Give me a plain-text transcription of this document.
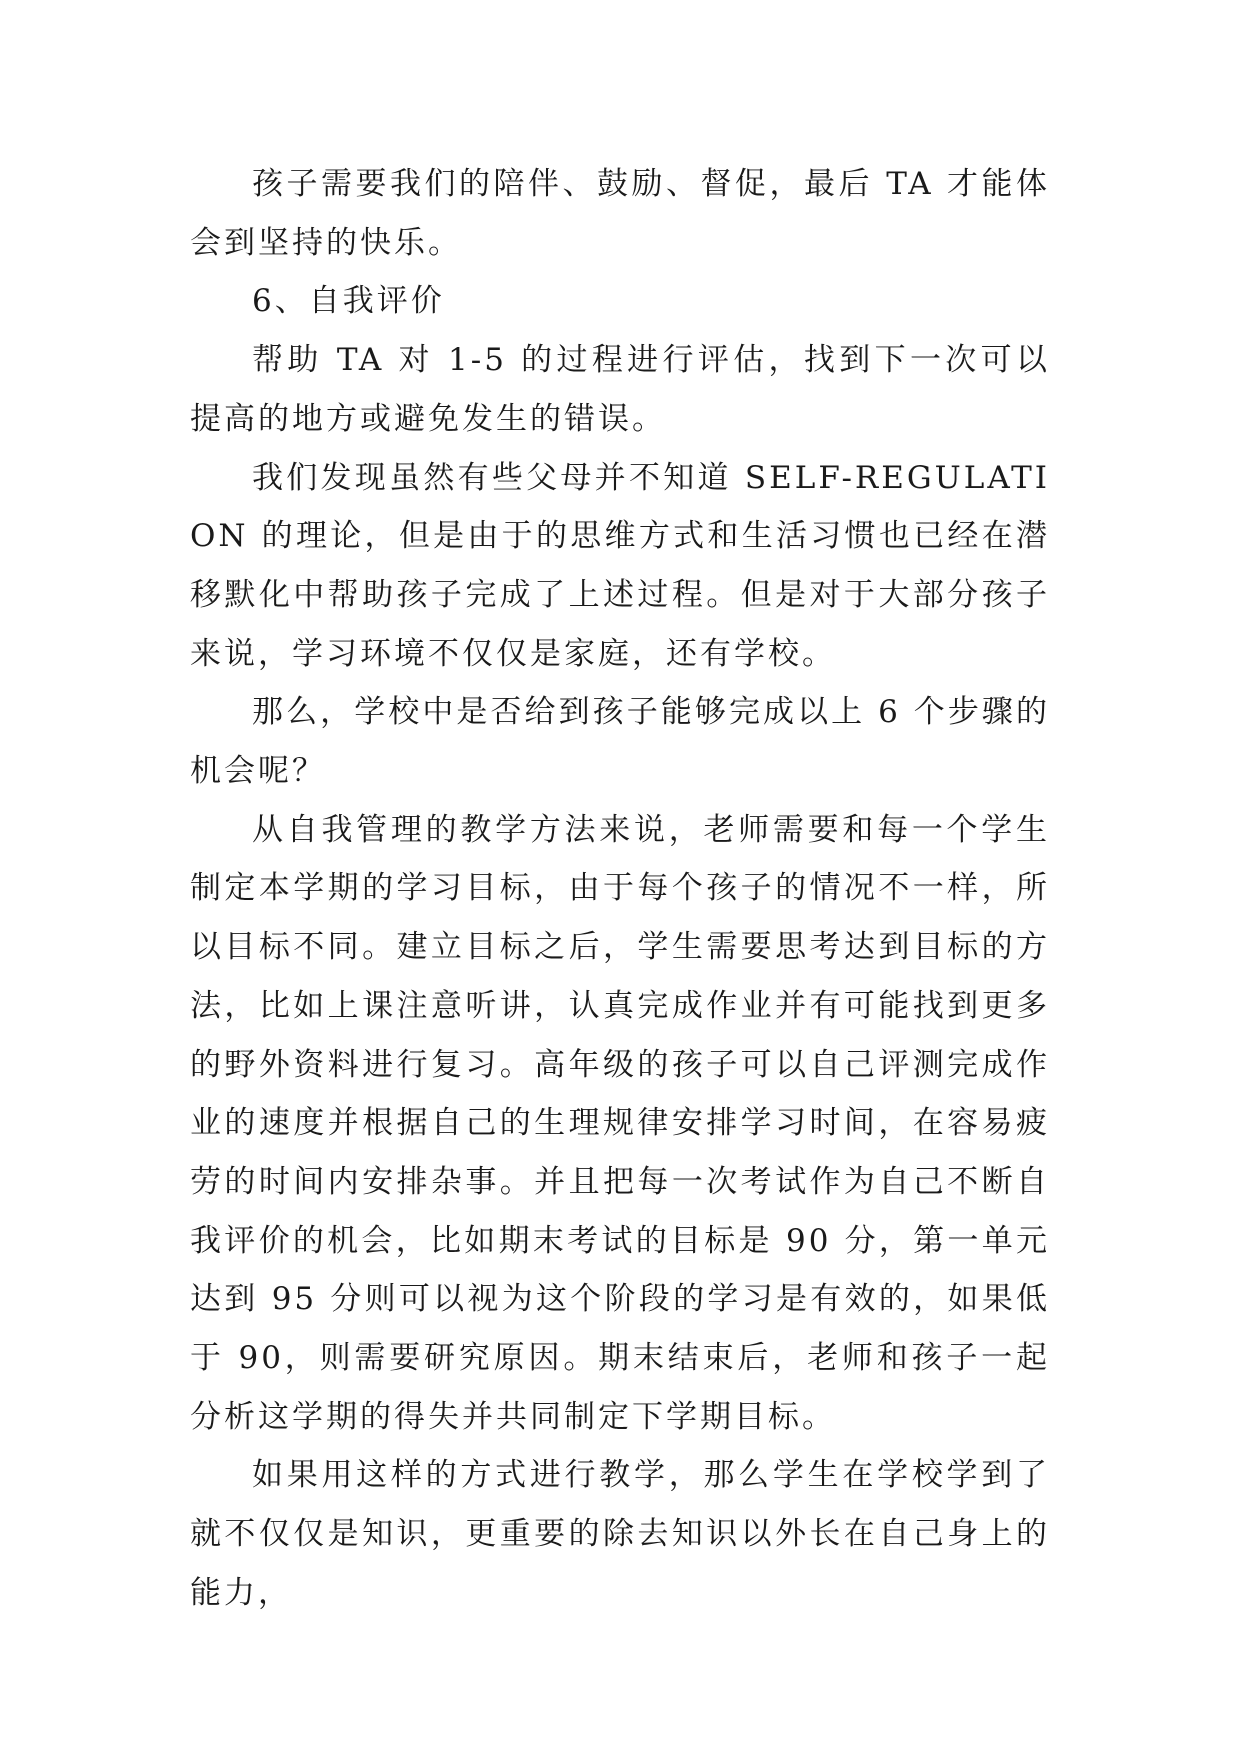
孩子需要我们的陪伴、鼓励、督促，最后 TA 才能体会到坚持的快乐。

6、自我评价

帮助 TA 对 1-5 的过程进行评估，找到下一次可以提高的地方或避免发生的错误。

我们发现虽然有些父母并不知道 SELF-REGULATION 的理论，但是由于的思维方式和生活习惯也已经在潜移默化中帮助孩子完成了上述过程。但是对于大部分孩子来说，学习环境不仅仅是家庭，还有学校。

那么，学校中是否给到孩子能够完成以上 6 个步骤的机会呢？

从自我管理的教学方法来说，老师需要和每一个学生制定本学期的学习目标，由于每个孩子的情况不一样，所以目标不同。建立目标之后，学生需要思考达到目标的方法，比如上课注意听讲，认真完成作业并有可能找到更多的野外资料进行复习。高年级的孩子可以自己评测完成作业的速度并根据自己的生理规律安排学习时间，在容易疲劳的时间内安排杂事。并且把每一次考试作为自己不断自我评价的机会，比如期末考试的目标是 90 分，第一单元达到 95 分则可以视为这个阶段的学习是有效的，如果低于 90，则需要研究原因。期末结束后，老师和孩子一起分析这学期的得失并共同制定下学期目标。

如果用这样的方式进行教学，那么学生在学校学到了就不仅仅是知识，更重要的除去知识以外长在自己身上的能力，
